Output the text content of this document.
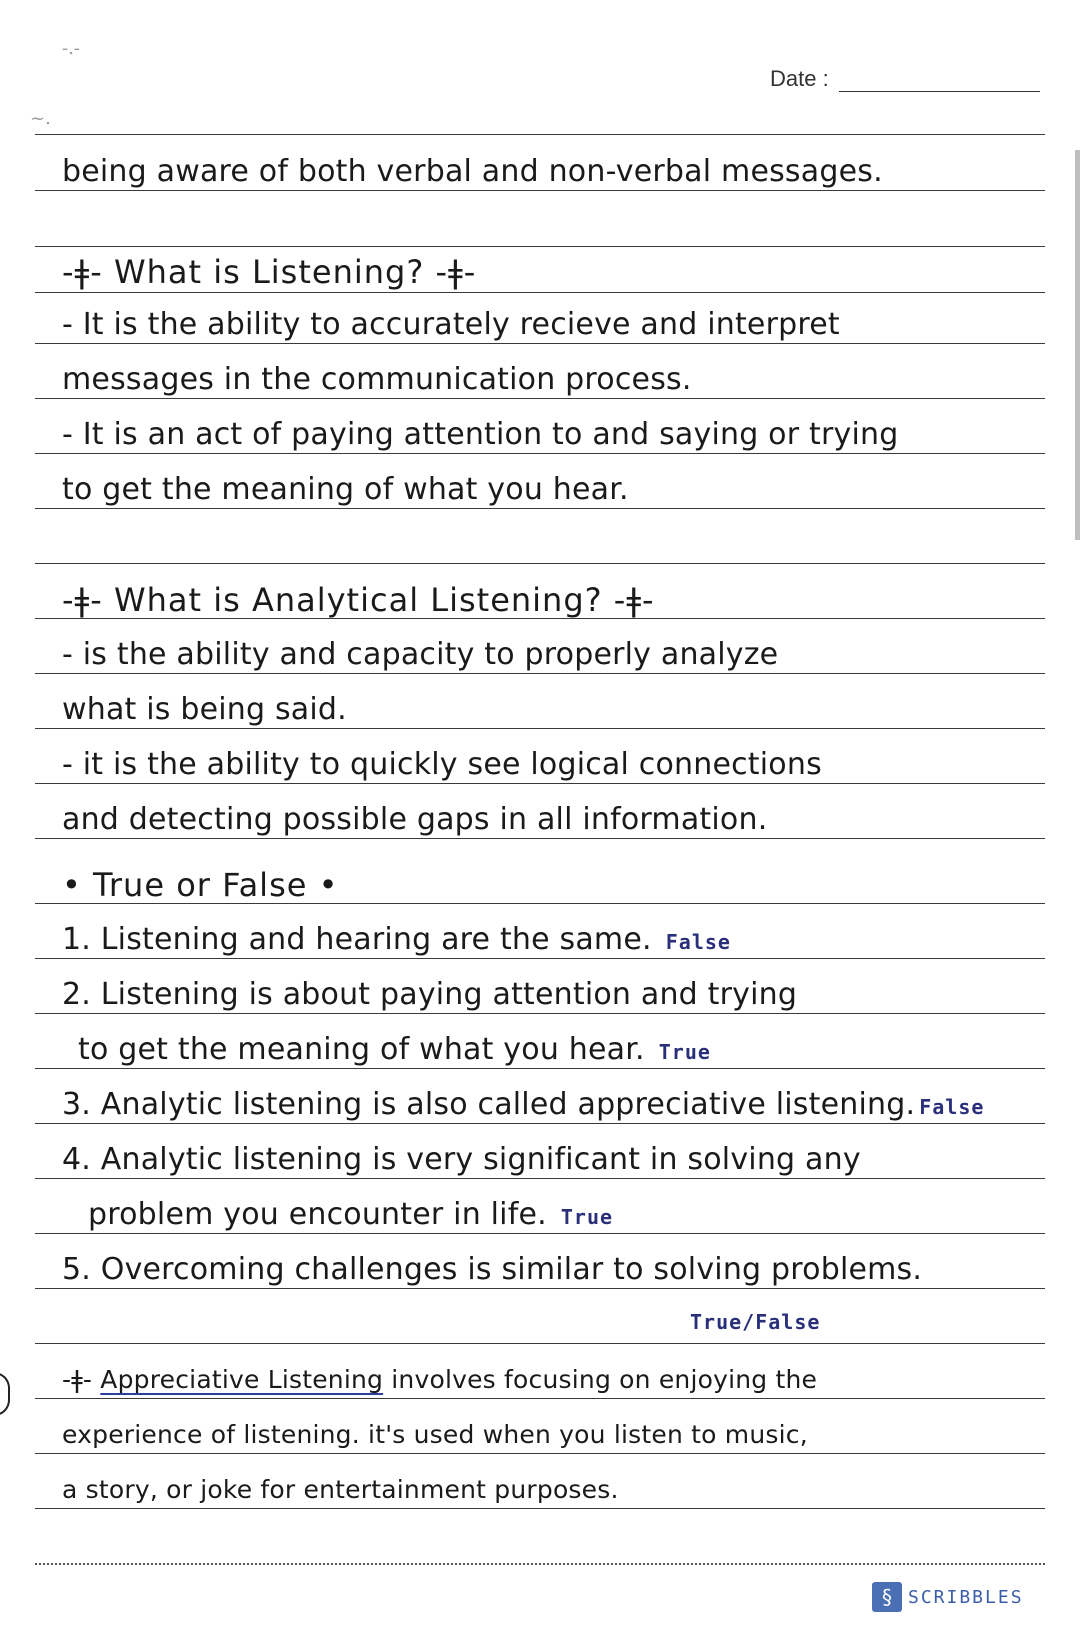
-.-
~.
Date :
being aware of both verbal and non-verbal messages.
-ǂ- What is Listening? -ǂ-
- It is the ability to accurately recieve and interpret
messages in the communication process.
- It is an act of paying attention to and saying or trying
to get the meaning of what you hear.
-ǂ- What is Analytical Listening? -ǂ-
- is the ability and capacity to properly analyze
what is being said.
- it is the ability to quickly see logical connections
and detecting possible gaps in all information.
• True or False •
1. Listening and hearing are the same. False
2. Listening is about paying attention and trying
to get the meaning of what you hear. True
3. Analytic listening is also called appreciative listening. False
4. Analytic listening is very significant in solving any
problem you encounter in life. True
5. Overcoming challenges is similar to solving problems.
True/False
-ǂ- Appreciative Listening involves focusing on enjoying the
experience of listening. it's used when you listen to music,
a story, or joke for entertainment purposes.
§ SCRIBBLES
